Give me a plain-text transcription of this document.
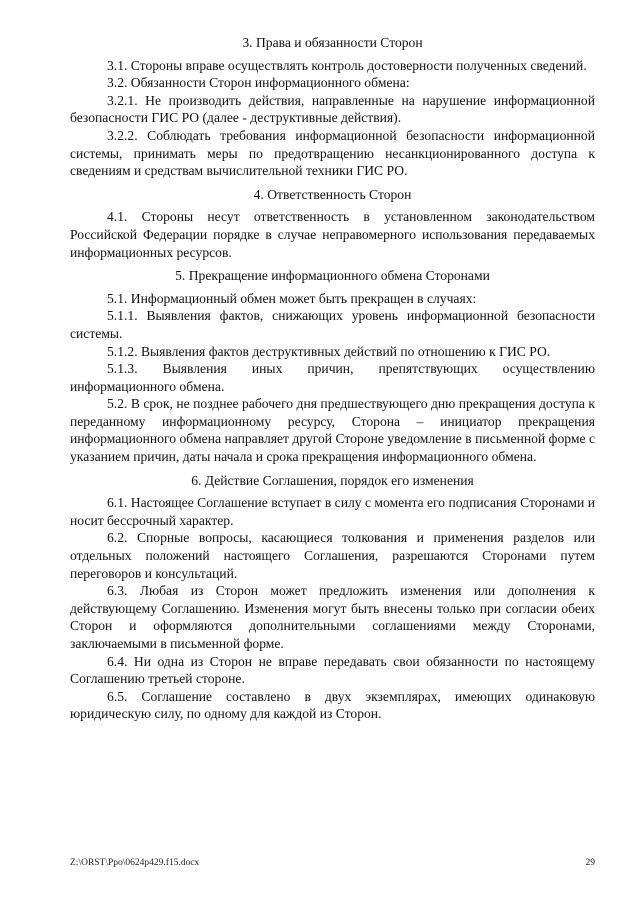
3. Права и обязанности Сторон

3.1. Стороны вправе осуществлять контроль достоверности полученных сведений.

3.2. Обязанности Сторон информационного обмена:

3.2.1. Не производить действия, направленные на нарушение информационной безопасности ГИС РО (далее - деструктивные действия).

3.2.2. Соблюдать требования информационной безопасности информационной системы, принимать меры по предотвращению несанкционированного доступа к сведениям и средствам вычислительной техники ГИС РО.

4. Ответственность Сторон

4.1. Стороны несут ответственность в установленном законодательством Российской Федерации порядке в случае неправомерного использования передаваемых информационных ресурсов.

5. Прекращение информационного обмена Сторонами

5.1. Информационный обмен может быть прекращен в случаях:

5.1.1. Выявления фактов, снижающих уровень информационной безопасности системы.

5.1.2. Выявления фактов деструктивных действий по отношению к ГИС РО.

5.1.3. Выявления иных причин, препятствующих осуществлению информационного обмена.

5.2. В срок, не позднее рабочего дня предшествующего дню прекращения доступа к переданному информационному ресурсу, Сторона – инициатор прекращения информационного обмена направляет другой Стороне уведомление в письменной форме с указанием причин, даты начала и срока прекращения информационного обмена.

6. Действие Соглашения, порядок его изменения

6.1. Настоящее Соглашение вступает в силу с момента его подписания Сторонами и носит бессрочный характер.

6.2. Спорные вопросы, касающиеся толкования и применения разделов или отдельных положений настоящего Соглашения, разрешаются Сторонами путем переговоров и консультаций.

6.3. Любая из Сторон может предложить изменения или дополнения к действующему Соглашению. Изменения могут быть внесены только при согласии обеих Сторон и оформляются дополнительными соглашениями между Сторонами, заключаемыми в письменной форме.

6.4. Ни одна из Сторон не вправе передавать свои обязанности по настоящему Соглашению третьей стороне.

6.5. Соглашение составлено в двух экземплярах, имеющих одинаковую юридическую силу, по одному для каждой из Сторон.

Z:\ORST\Ppo\0624p429.f15.docx	29
